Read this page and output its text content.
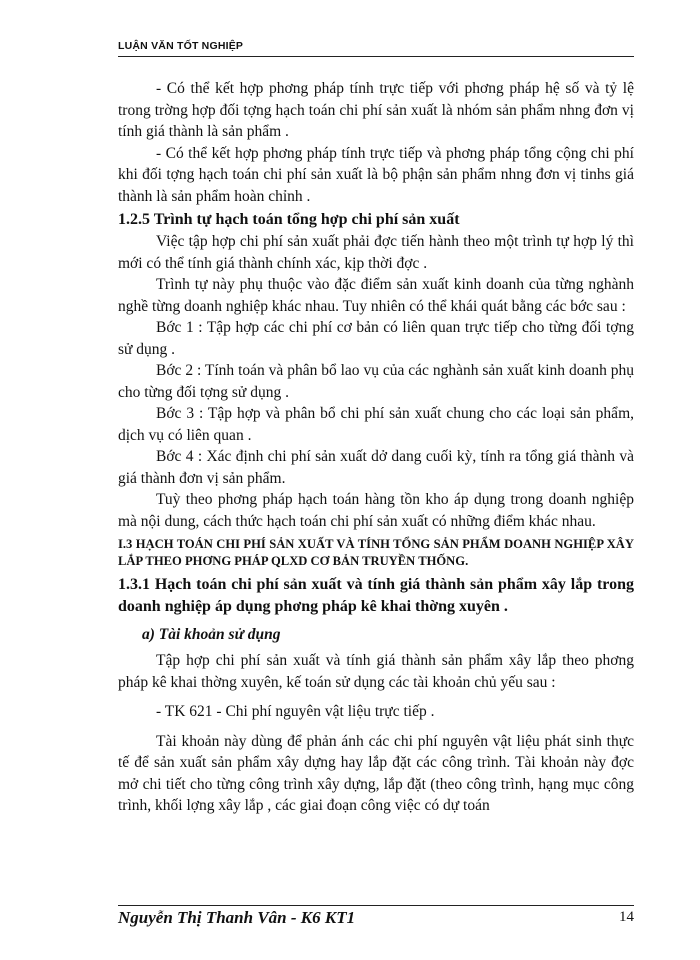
LUẬN VĂN TỐT NGHIỆP

- Có thể kết hợp phơng pháp tính trực tiếp với phơng pháp hệ số và tỷ lệ trong trờng hợp đối tợng hạch toán chi phí sản xuất là nhóm sản phẩm nhng đơn vị tính giá thành là sản phẩm .

- Có thể kết hợp phơng pháp tính trực tiếp và phơng pháp tổng cộng chi phí khi đối tợng hạch toán chi phí sản xuất là bộ phận sản phẩm nhng đơn vị tinhs giá thành là sản phẩm hoàn chỉnh .

1.2.5 Trình tự hạch toán tổng hợp chi phí sản xuất

Việc tập hợp chi phí sản xuất phải đợc tiến hành theo một trình tự hợp lý thì mới có thể tính giá thành chính xác, kịp thời đợc .

Trình tự này phụ thuộc vào đặc điểm sản xuất kinh doanh của từng nghành nghề từng doanh nghiệp khác nhau. Tuy nhiên có thể khái quát bằng các bớc sau :

Bớc 1 : Tập hợp các chi phí cơ bản có liên quan trực tiếp cho từng đối tợng sử dụng .

Bớc 2 : Tính toán và phân bổ lao vụ của các nghành sản xuất kinh doanh phụ cho từng đối tợng sử dụng .

Bớc 3 : Tập hợp và phân bổ chi phí sản xuất chung cho các loại sản phẩm, dịch vụ có liên quan .

Bớc 4 : Xác định chi phí sản xuất dở dang cuối kỳ, tính ra tổng giá thành và giá thành đơn vị sản phẩm.

Tuỳ theo phơng pháp hạch toán hàng tồn kho áp dụng trong doanh nghiệp mà nội dung, cách thức hạch toán chi phí sản xuất có những điểm khác nhau.

I.3 HẠCH TOÁN CHI PHÍ SẢN XUẤT VÀ TÍNH TỔNG SẢN PHẨM DOANH NGHIỆP XÂY LẮP THEO PHƠNG PHÁP QLXD CƠ BẢN TRUYỀN THỐNG.

1.3.1 Hạch toán chi phí sản xuất và tính giá thành sản phẩm xây lắp trong doanh nghiệp áp dụng phơng pháp kê khai thờng xuyên .

a) Tài khoản sử dụng

Tập hợp chi phí sản xuất và tính giá thành sản phẩm xây lắp theo phơng pháp kê khai thờng xuyên, kế toán sử dụng các tài khoản chủ yếu sau :

- TK 621 - Chi phí nguyên vật liệu trực tiếp .

Tài khoản này dùng để phản ánh các chi phí nguyên vật liệu phát sinh thực tế để sản xuất sản phẩm xây dựng hay lắp đặt các công trình. Tài khoản này đợc mở chi tiết cho từng công trình xây dựng, lắp đặt (theo công trình, hạng mục công trình, khối lợng xây lắp , các giai đoạn công việc có dự toán

Nguyễn Thị Thanh Vân - K6 KT1	14
